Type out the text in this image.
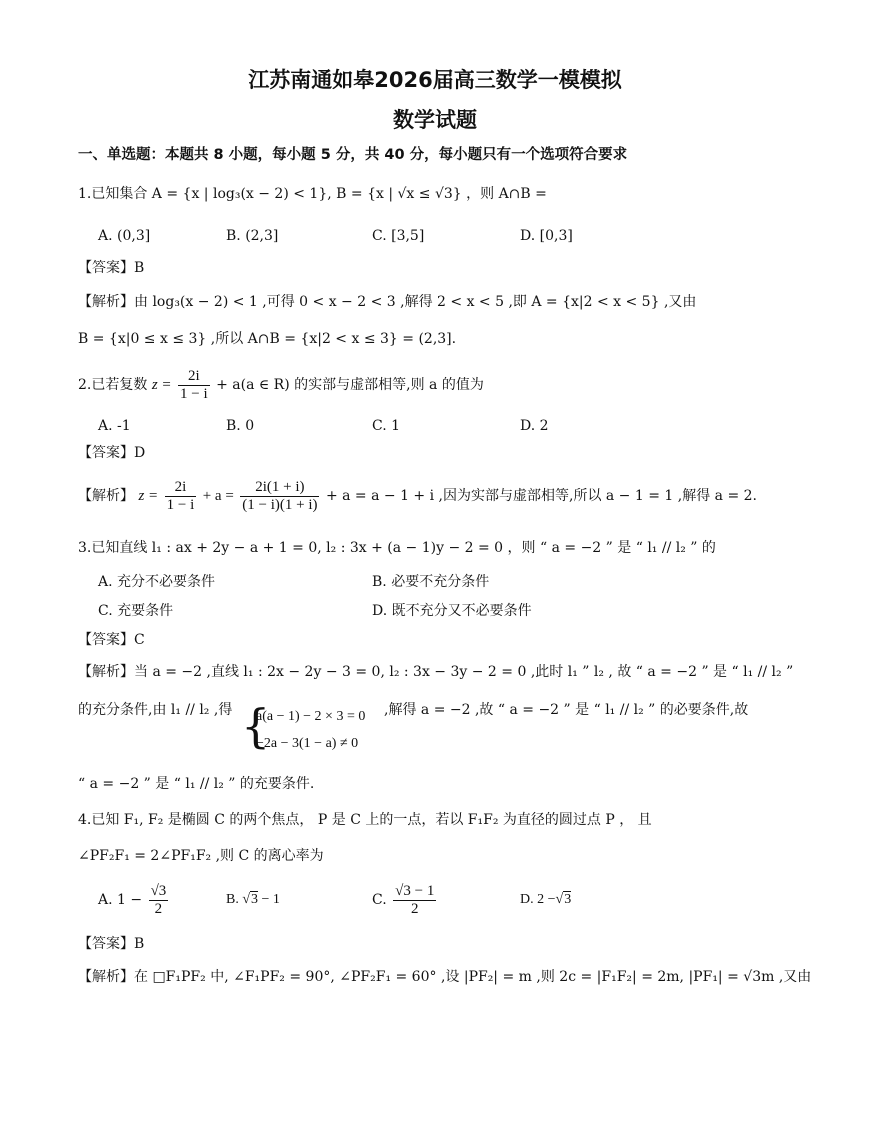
江苏南通如皋2026届高三数学一模模拟
数学试题
一、单选题：本题共 8 小题，每小题 5 分，共 40 分，每小题只有一个选项符合要求
1.已知集合 A = {x | log₃(x − 2) < 1}, B = {x | √x ≤ √3} ，则 A∩B =
A. (0,3]	B. (2,3]	C. [3,5]	D. [0,3]
【答案】B
【解析】由 log₃(x − 2) < 1 ,可得 0 < x − 2 < 3 ,解得 2 < x < 5 ,即 A = {x|2 < x < 5} ,又由
B = {x|0 ≤ x ≤ 3} ,所以 A∩B = {x|2 < x ≤ 3} = (2,3].
2.已若复数 $z = \frac{2i}{1 - i} + a(a$ ∈ R) 的实部与虚部相等,则 a 的值为
A. -1	B. 0	C. 1	D. 2
【答案】D
【解析】 $z = \frac{2i}{1 - i} + a = \frac{2i(1 + i)}{(1 - i)(1 + i)} + a = a - 1 + i$ ,因为实部与虚部相等,所以 a − 1 = 1 ,解得 a = 2.
3.已知直线 l₁ : ax + 2y − a + 1 = 0, l₂ : 3x + (a − 1)y − 2 = 0 ，则 “ a = −2 ” 是 “ l₁ // l₂ ” 的
A. 充分不必要条件	B. 必要不充分条件
C. 充要条件	D. 既不充分又不必要条件
【答案】C
【解析】当 a = −2 ,直线 l₁ : 2x − 2y − 3 = 0, l₂ : 3x − 3y − 2 = 0 ,此时 l₁ ” l₂ , 故 “ a = −2 ” 是 “ l₁ // l₂ ”
的充分条件,由 l₁ // l₂ ,得 {
a(a − 1) − 2 × 3 = 0
−2a − 3(1 − a) ≠ 0
,解得 a = −2 ,故 “ a = −2 ” 是 “ l₁ // l₂ ” 的必要条件,故
“ a = −2 ” 是 “ l₁ // l₂ ” 的充要条件.
4.已知 F₁, F₂ 是椭圆 C 的两个焦点， P 是 C 上的一点，若以 F₁F₂ 为直径的圆过点 P ， 且
∠PF₂F₁ = 2∠PF₁F₂ ,则 C 的离心率为
A. $1 - \frac{√3}{2}$	B. √3 − 1	C. $\frac{√3 - 1}{2}$	D. 2 −√3
【答案】B
【解析】在 □F₁PF₂ 中, ∠F₁PF₂ = 90°, ∠PF₂F₁ = 60° ,设 |PF₂| = m ,则 2c = |F₁F₂| = 2m, |PF₁| = √3m ,又由
